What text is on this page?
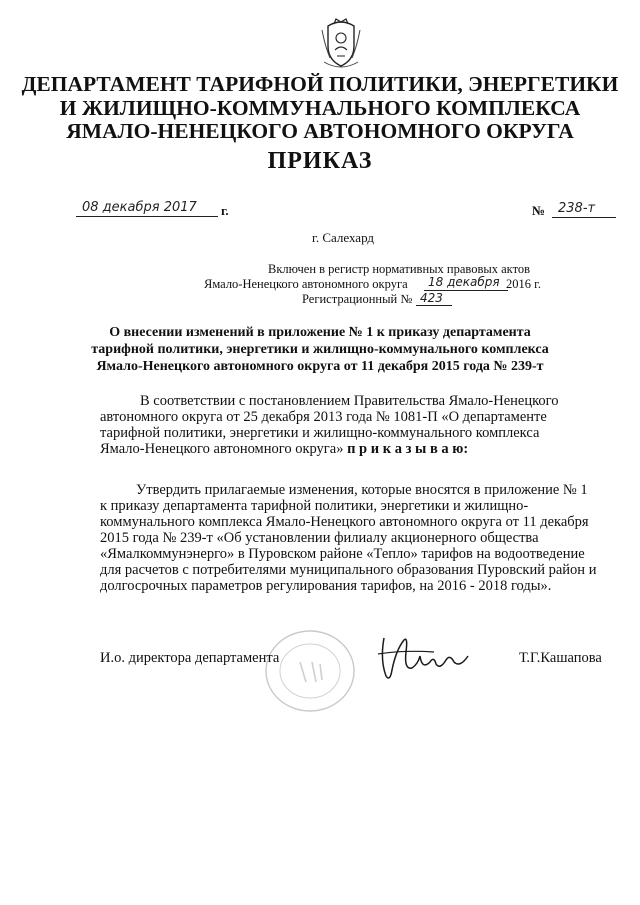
ДЕПАРТАМЕНТ ТАРИФНОЙ ПОЛИТИКИ, ЭНЕРГЕТИКИ
И ЖИЛИЩНО-КОММУНАЛЬНОГО КОМПЛЕКСА
ЯМАЛО-НЕНЕЦКОГО АВТОНОМНОГО ОКРУГА
ПРИКАЗ
08 декабря 2017 г.	№ 238-т
г. Салехард
Включен в регистр нормативных правовых актов
Ямало-Ненецкого автономного округа 18 декабря 2016 г.
Регистрационный № 423
О внесении изменений в приложение № 1 к приказу департамента
тарифной политики, энергетики и жилищно-коммунального комплекса
Ямало-Ненецкого автономного округа от 11 декабря 2015 года № 239-т
В соответствии с постановлением Правительства Ямало-Ненецкого
автономного округа от 25 декабря 2013 года № 1081-П «О департаменте
тарифной политики, энергетики и жилищно-коммунального комплекса
Ямало-Ненецкого автономного округа» п р и к а з ы в а ю:
Утвердить прилагаемые изменения, которые вносятся в приложение № 1
к приказу департамента тарифной политики, энергетики и жилищно-
коммунального комплекса Ямало-Ненецкого автономного округа от 11 декабря
2015 года № 239-т «Об установлении филиалу акционерного общества
«Ямалкоммунэнерго» в Пуровском районе «Тепло» тарифов на водоотведение
для расчетов с потребителями муниципального образования Пуровский район и
долгосрочных параметров регулирования тарифов, на 2016 - 2018 годы».
И.о. директора департамента	Т.Г.Кашапова
